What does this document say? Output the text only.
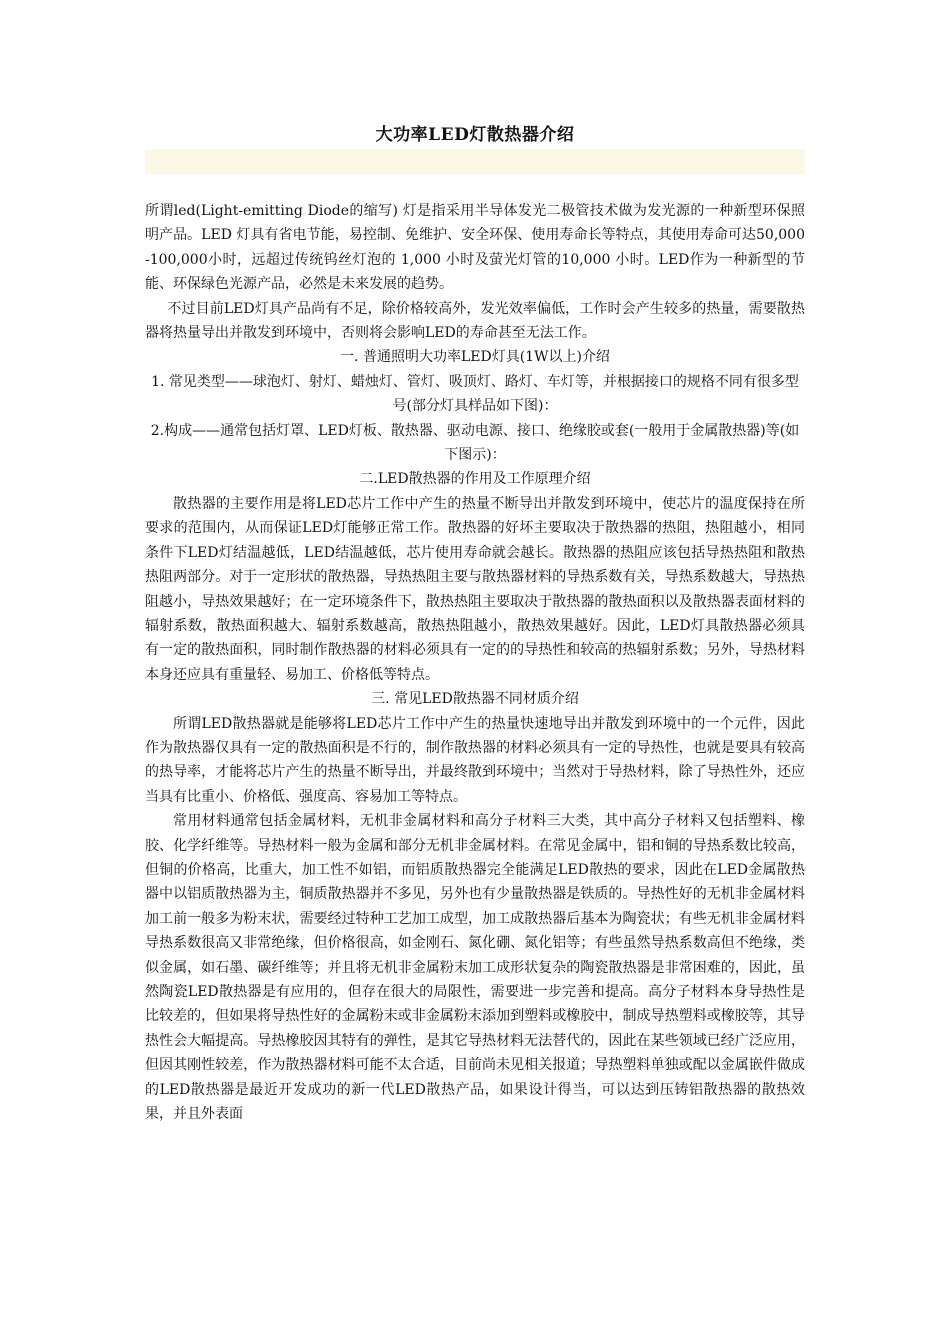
大功率LED灯散热器介绍

所谓led(Light-emitting Diode的缩写) 灯是指采用半导体发光二极管技术做为发光源的一种新型环保照明产品。LED 灯具有省电节能，易控制、免维护、安全环保、使用寿命长等特点，其使用寿命可达50,000-100,000小时，远超过传统钨丝灯泡的 1,000 小时及萤光灯管的10,000 小时。LED作为一种新型的节能、环保绿色光源产品，必然是未来发展的趋势。

不过目前LED灯具产品尚有不足，除价格较高外，发光效率偏低，工作时会产生较多的热量，需要散热器将热量导出并散发到环境中，否则将会影响LED的寿命甚至无法工作。

一. 普通照明大功率LED灯具(1W以上)介绍

1. 常见类型——球泡灯、射灯、蜡烛灯、管灯、吸顶灯、路灯、车灯等，并根据接口的规格不同有很多型号(部分灯具样品如下图)：

2.构成——通常包括灯罩、LED灯板、散热器、驱动电源、接口、绝缘胶或套(一般用于金属散热器)等(如下图示)：

二.LED散热器的作用及工作原理介绍

散热器的主要作用是将LED芯片工作中产生的热量不断导出并散发到环境中，使芯片的温度保持在所要求的范围内，从而保证LED灯能够正常工作。散热器的好坏主要取决于散热器的热阻，热阻越小，相同条件下LED灯结温越低，LED结温越低，芯片使用寿命就会越长。散热器的热阻应该包括导热热阻和散热热阻两部分。对于一定形状的散热器，导热热阻主要与散热器材料的导热系数有关，导热系数越大，导热热阻越小，导热效果越好；在一定环境条件下，散热热阻主要取决于散热器的散热面积以及散热器表面材料的辐射系数，散热面积越大、辐射系数越高，散热热阻越小，散热效果越好。因此，LED灯具散热器必须具有一定的散热面积，同时制作散热器的材料必须具有一定的的导热性和较高的热辐射系数；另外，导热材料本身还应具有重量轻、易加工、价格低等特点。

三. 常见LED散热器不同材质介绍

所谓LED散热器就是能够将LED芯片工作中产生的热量快速地导出并散发到环境中的一个元件，因此作为散热器仅具有一定的散热面积是不行的，制作散热器的材料必须具有一定的导热性，也就是要具有较高的热导率，才能将芯片产生的热量不断导出，并最终散到环境中；当然对于导热材料，除了导热性外，还应当具有比重小、价格低、强度高、容易加工等特点。

常用材料通常包括金属材料，无机非金属材料和高分子材料三大类，其中高分子材料又包括塑料、橡胶、化学纤维等。导热材料一般为金属和部分无机非金属材料。在常见金属中，铝和铜的导热系数比较高，但铜的价格高，比重大，加工性不如铝，而铝质散热器完全能满足LED散热的要求，因此在LED金属散热器中以铝质散热器为主，铜质散热器并不多见，另外也有少量散热器是铁质的。导热性好的无机非金属材料加工前一般多为粉末状，需要经过特种工艺加工成型，加工成散热器后基本为陶瓷状；有些无机非金属材料导热系数很高又非常绝缘，但价格很高，如金刚石、氮化硼、氮化铝等；有些虽然导热系数高但不绝缘，类似金属，如石墨、碳纤维等；并且将无机非金属粉末加工成形状复杂的陶瓷散热器是非常困难的，因此，虽然陶瓷LED散热器是有应用的，但存在很大的局限性，需要进一步完善和提高。高分子材料本身导热性是比较差的，但如果将导热性好的金属粉末或非金属粉末添加到塑料或橡胶中，制成导热塑料或橡胶等，其导热性会大幅提高。导热橡胶因其特有的弹性，是其它导热材料无法替代的，因此在某些领域已经广泛应用，但因其刚性较差，作为散热器材料可能不太合适，目前尚未见相关报道；导热塑料单独或配以金属嵌件做成的LED散热器是最近开发成功的新一代LED散热产品，如果设计得当，可以达到压铸铝散热器的散热效果，并且外表面
